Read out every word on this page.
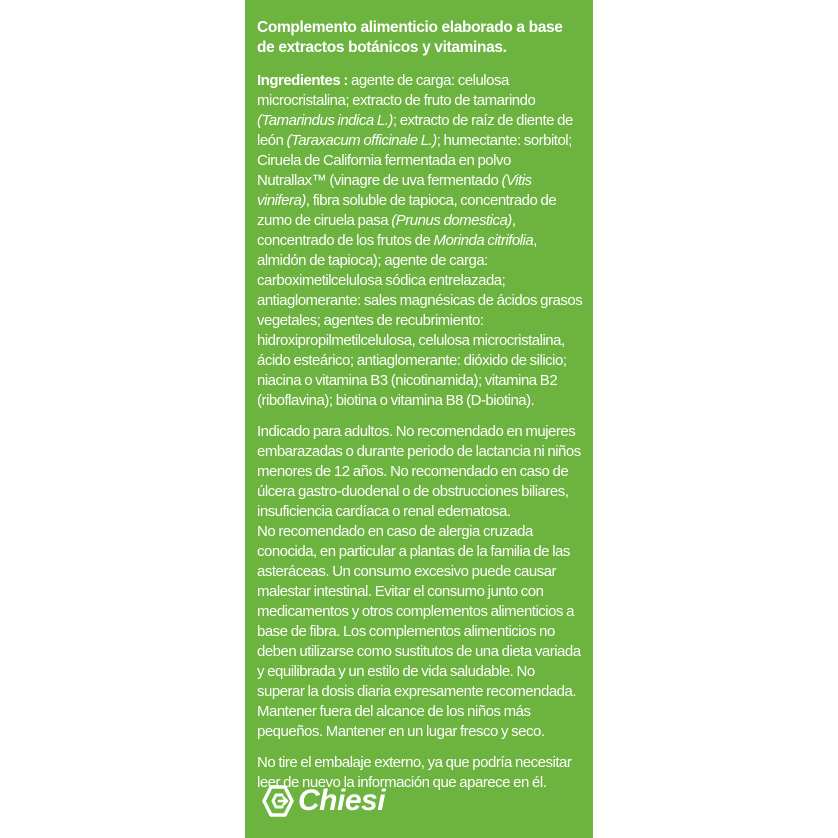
Complemento alimenticio elaborado a base de extractos botánicos y vitaminas.
Ingredientes : agente de carga: celulosa microcristalina; extracto de fruto de tamarindo (Tamarindus indica L.); extracto de raíz de diente de león (Taraxacum officinale L.); humectante: sorbitol; Ciruela de California fermentada en polvo Nutrallax™ (vinagre de uva fermentado (Vitis vinifera), fibra soluble de tapioca, concentrado de zumo de ciruela pasa (Prunus domestica), concentrado de los frutos de Morinda citrifolia, almidón de tapioca); agente de carga: carboximetilcelulosa sódica entrelazada; antiaglomerante: sales magnésicas de ácidos grasos vegetales; agentes de recubrimiento: hidroxipropilmetilcelulosa, celulosa microcristalina, ácido esteárico; antiaglomerante: dióxido de silicio; niacina o vitamina B3 (nicotinamida); vitamina B2 (riboflavina); biotina o vitamina B8 (D-biotina).
Indicado para adultos. No recomendado en mujeres embarazadas o durante periodo de lactancia ni niños menores de 12 años. No recomendado en caso de úlcera gastro-duodenal o de obstrucciones biliares, insuficiencia cardíaca o renal edematosa.
No recomendado en caso de alergia cruzada conocida, en particular a plantas de la familia de las asteráceas. Un consumo excesivo puede causar malestar intestinal. Evitar el consumo junto con medicamentos y otros complementos alimenticios a base de fibra. Los complementos alimenticios no deben utilizarse como sustitutos de una dieta variada y equilibrada y un estilo de vida saludable. No superar la dosis diaria expresamente recomendada. Mantener fuera del alcance de los niños más pequeños. Mantener en un lugar fresco y seco.
No tire el embalaje externo, ya que podría necesitar leer de nuevo la información que aparece en él.
Chiesi
